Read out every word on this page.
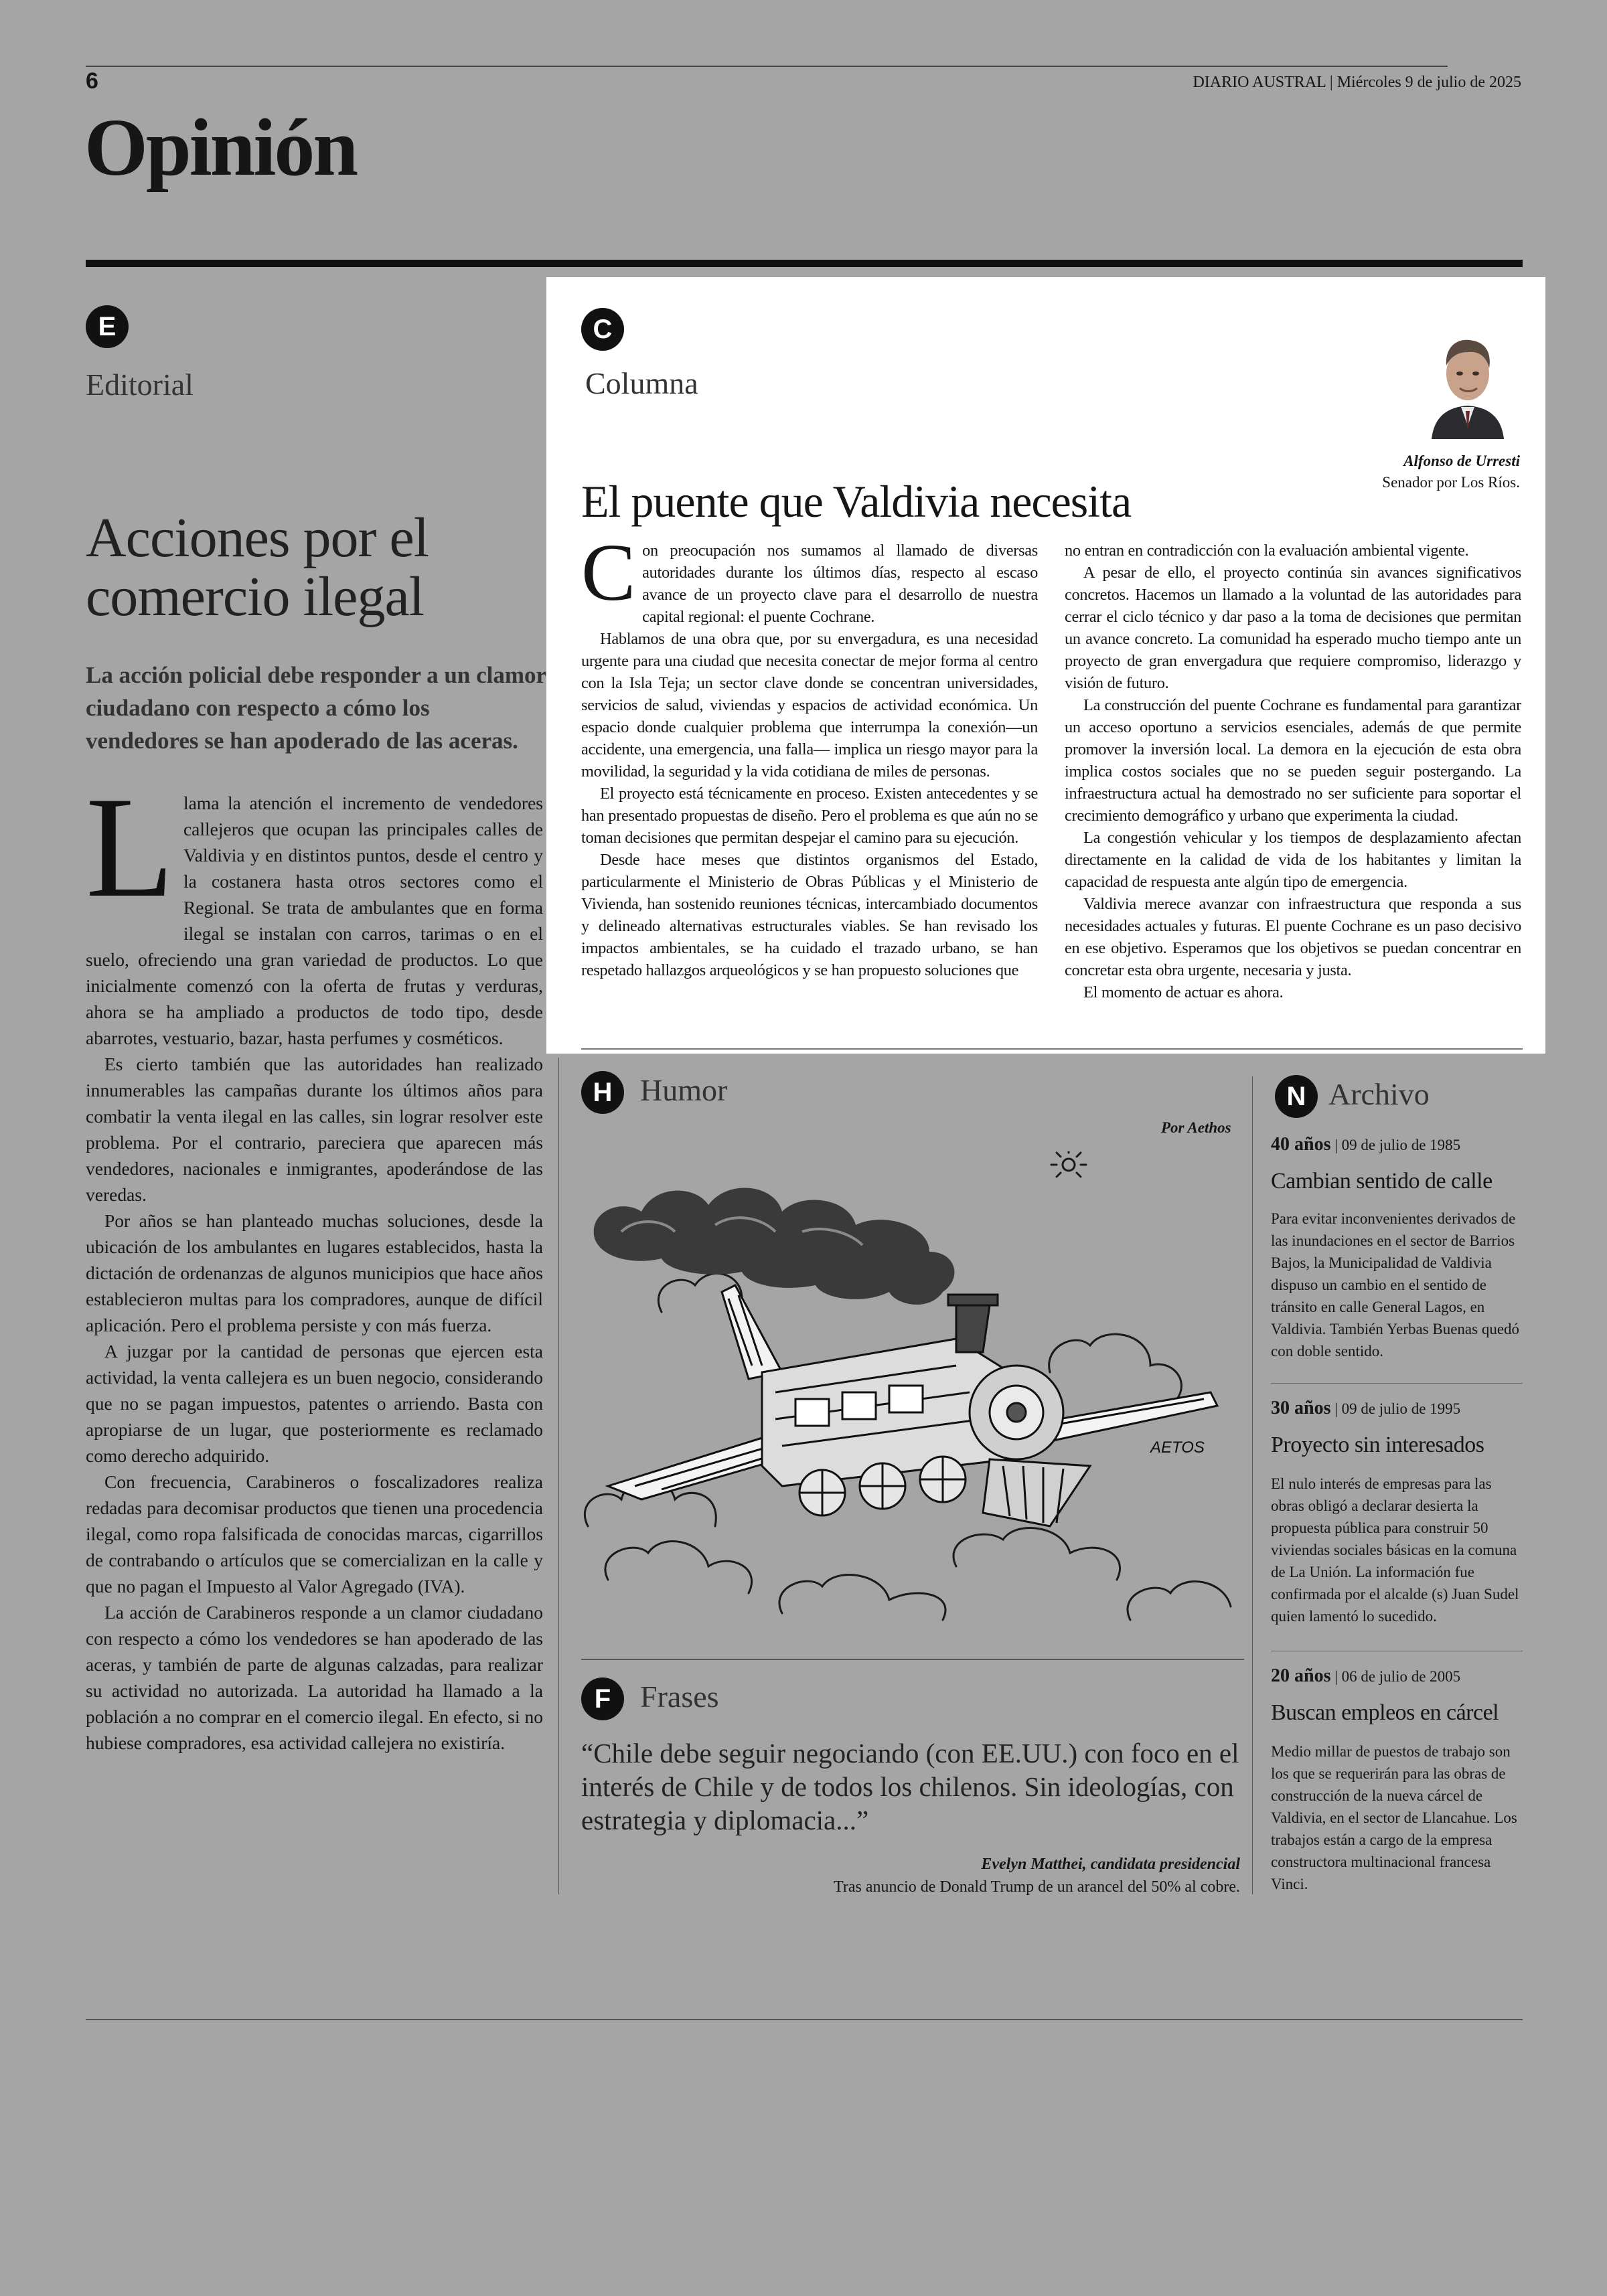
6	DIARIO AUSTRAL | Miércoles 9 de julio de 2025
Opinión
E
Editorial
Acciones por el comercio ilegal
La acción policial debe responder a un clamor ciudadano con respecto a cómo los vendedores se han apoderado de las aceras.

Llama la atención el incremento de vendedores callejeros que ocupan las principales calles de Valdivia y en distintos puntos, desde el centro y la costanera hasta otros sectores como el Regional. Se trata de ambulantes que en forma ilegal se instalan con carros, tarimas o en el suelo, ofreciendo una gran variedad de productos. Lo que inicialmente comenzó con la oferta de frutas y verduras, ahora se ha ampliado a productos de todo tipo, desde abarrotes, vestuario, bazar, hasta perfumes y cosméticos.

Es cierto también que las autoridades han realizado innumerables las campañas durante los últimos años para combatir la venta ilegal en las calles, sin lograr resolver este problema. Por el contrario, pareciera que aparecen más vendedores, nacionales e inmigrantes, apoderándose de las veredas.

Por años se han planteado muchas soluciones, desde la ubicación de los ambulantes en lugares establecidos, hasta la dictación de ordenanzas de algunos municipios que hace años establecieron multas para los compradores, aunque de difícil aplicación. Pero el problema persiste y con más fuerza.

A juzgar por la cantidad de personas que ejercen esta actividad, la venta callejera es un buen negocio, considerando que no se pagan impuestos, patentes o arriendo. Basta con apropiarse de un lugar, que posteriormente es reclamado como derecho adquirido.

Con frecuencia, Carabineros o foscalizadores realiza redadas para decomisar productos que tienen una procedencia ilegal, como ropa falsificada de conocidas marcas, cigarrillos de contrabando o artículos que se comercializan en la calle y que no pagan el Impuesto al Valor Agregado (IVA).

La acción de Carabineros responde a un clamor ciudadano con respecto a cómo los vendedores se han apoderado de las aceras, y también de parte de algunas calzadas, para realizar su actividad no autorizada. La autoridad ha llamado a la población a no comprar en el comercio ilegal. En efecto, si no hubiese compradores, esa actividad callejera no existiría.

C
Columna
Alfonso de Urresti
Senador por Los Ríos.
El puente que Valdivia necesita

Con preocupación nos sumamos al llamado de diversas autoridades durante los últimos días, respecto al escaso avance de un proyecto clave para el desarrollo de nuestra capital regional: el puente Cochrane.

Hablamos de una obra que, por su envergadura, es una necesidad urgente para una ciudad que necesita conectar de mejor forma al centro con la Isla Teja; un sector clave donde se concentran universidades, servicios de salud, viviendas y espacios de actividad económica. Un espacio donde cualquier problema que interrumpa la conexión—un accidente, una emergencia, una falla— implica un riesgo mayor para la movilidad, la seguridad y la vida cotidiana de miles de personas.

El proyecto está técnicamente en proceso. Existen antecedentes y se han presentado propuestas de diseño. Pero el problema es que aún no se toman decisiones que permitan despejar el camino para su ejecución.

Desde hace meses que distintos organismos del Estado, particularmente el Ministerio de Obras Públicas y el Ministerio de Vivienda, han sostenido reuniones técnicas, intercambiado documentos y delineado alternativas estructurales viables. Se han revisado los impactos ambientales, se ha cuidado el trazado urbano, se han respetado hallazgos arqueológicos y se han propuesto soluciones que

no entran en contradicción con la evaluación ambiental vigente.

A pesar de ello, el proyecto continúa sin avances significativos concretos. Hacemos un llamado a la voluntad de las autoridades para cerrar el ciclo técnico y dar paso a la toma de decisiones que permitan un avance concreto. La comunidad ha esperado mucho tiempo ante un proyecto de gran envergadura que requiere compromiso, liderazgo y visión de futuro.

La construcción del puente Cochrane es fundamental para garantizar un acceso oportuno a servicios esenciales, además de que permite promover la inversión local. La demora en la ejecución de esta obra implica costos sociales que no se pueden seguir postergando. La infraestructura actual ha demostrado no ser suficiente para soportar el crecimiento demográfico y urbano que experimenta la ciudad.

La congestión vehicular y los tiempos de desplazamiento afectan directamente en la calidad de vida de los habitantes y limitan la capacidad de respuesta ante algún tipo de emergencia.

Valdivia merece avanzar con infraestructura que responda a sus necesidades actuales y futuras. El puente Cochrane es un paso decisivo en ese objetivo. Esperamos que los objetivos se puedan concentrar en concretar esta obra urgente, necesaria y justa.

El momento de actuar es ahora.

H Humor
Por Aethos
AETOS
F Frases
“Chile debe seguir negociando (con EE.UU.) con foco en el interés de Chile y de todos los chilenos. Sin ideologías, con estrategia y diplomacia...”
Evelyn Matthei, candidata presidencial
Tras anuncio de Donald Trump de un arancel del 50% al cobre.
N Archivo
40 años | 09 de julio de 1985
Cambian sentido de calle
Para evitar inconvenientes derivados de las inundaciones en el sector de Barrios Bajos, la Municipalidad de Valdivia dispuso un cambio en el sentido de tránsito en calle General Lagos, en Valdivia. También Yerbas Buenas quedó con doble sentido.
30 años | 09 de julio de 1995
Proyecto sin interesados
El nulo interés de empresas para las obras obligó a declarar desierta la propuesta pública para construir 50 viviendas sociales básicas en la comuna de La Unión. La información fue confirmada por el alcalde (s) Juan Sudel quien lamentó lo sucedido.
20 años | 06 de julio de 2005
Buscan empleos en cárcel
Medio millar de puestos de trabajo son los que se requerirán para las obras de construcción de la nueva cárcel de Valdivia, en el sector de Llancahue. Los trabajos están a cargo de la empresa constructora multinacional francesa Vinci.
